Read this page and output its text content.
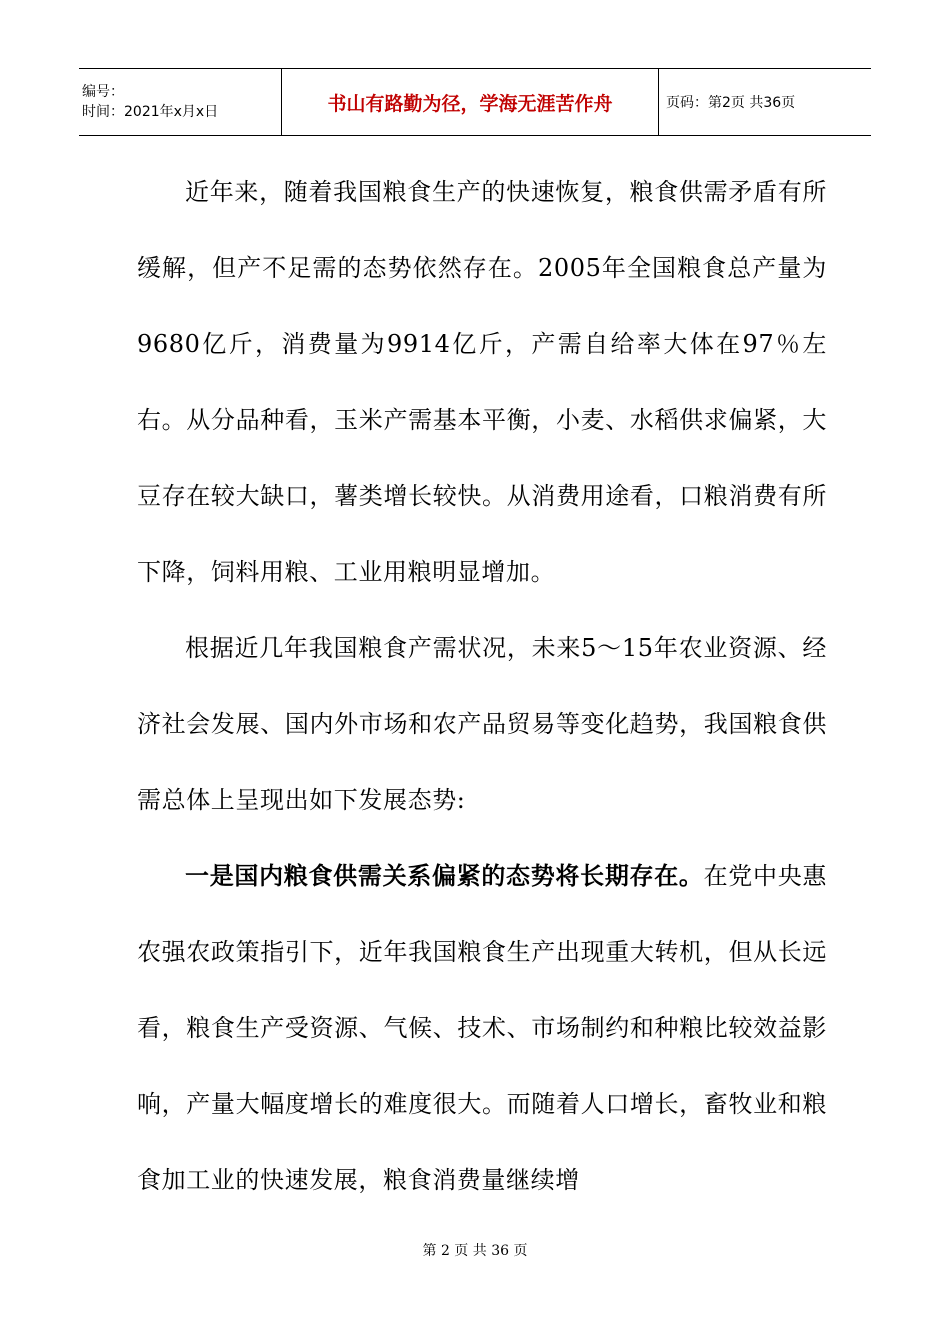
编号：
时间：2021年x月x日	书山有路勤为径，学海无涯苦作舟	页码：第2页 共36页

近年来，随着我国粮食生产的快速恢复，粮食供需矛盾有所缓解，但产不足需的态势依然存在。2005年全国粮食总产量为9680亿斤，消费量为9914亿斤，产需自给率大体在97％左右。从分品种看，玉米产需基本平衡，小麦、水稻供求偏紧，大豆存在较大缺口，薯类增长较快。从消费用途看，口粮消费有所下降，饲料用粮、工业用粮明显增加。

根据近几年我国粮食产需状况，未来5～15年农业资源、经济社会发展、国内外市场和农产品贸易等变化趋势，我国粮食供需总体上呈现出如下发展态势:

一是国内粮食供需关系偏紧的态势将长期存在。在党中央惠农强农政策指引下，近年我国粮食生产出现重大转机，但从长远看，粮食生产受资源、气候、技术、市场制约和种粮比较效益影响，产量大幅度增长的难度很大。而随着人口增长，畜牧业和粮食加工业的快速发展，粮食消费量继续增

第 2 页 共 36 页
